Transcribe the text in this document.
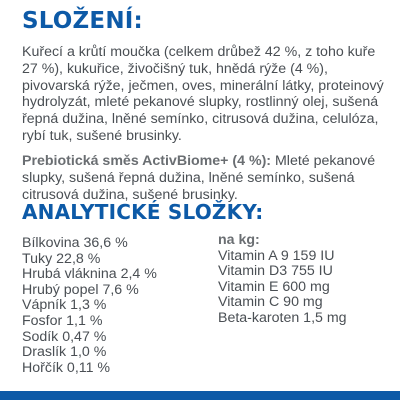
SLOŽENÍ:

Kuřecí a krůtí moučka (celkem drůbež 42 %, z toho kuře 27 %), kukuřice, živočišný tuk, hnědá rýže (4 %), pivovarská rýže, ječmen, oves, minerální látky, proteinový hydrolyzát, mleté pekanové slupky, rostlinný olej, sušená řepná dužina, lněné semínko, citrusová dužina, celulóza, rybí tuk, sušené brusinky.

Prebiotická směs ActivBiome+ (4 %): Mleté pekanové slupky, sušená řepná dužina, lněné semínko, sušená citrusová dužina, sušené brusinky.

ANALYTICKÉ SLOŽKY:
Bílkovina 36,6 %
Tuky 22,8 %
Hrubá vláknina 2,4 %
Hrubý popel 7,6 %
Vápník 1,3 %
Fosfor 1,1 %
Sodík 0,47 %
Draslík 1,0 %
Hořčík 0,11 %
na kg:
Vitamin A 9 159 IU
Vitamin D3 755 IU
Vitamin E 600 mg
Vitamin C 90 mg
Beta-karoten 1,5 mg
